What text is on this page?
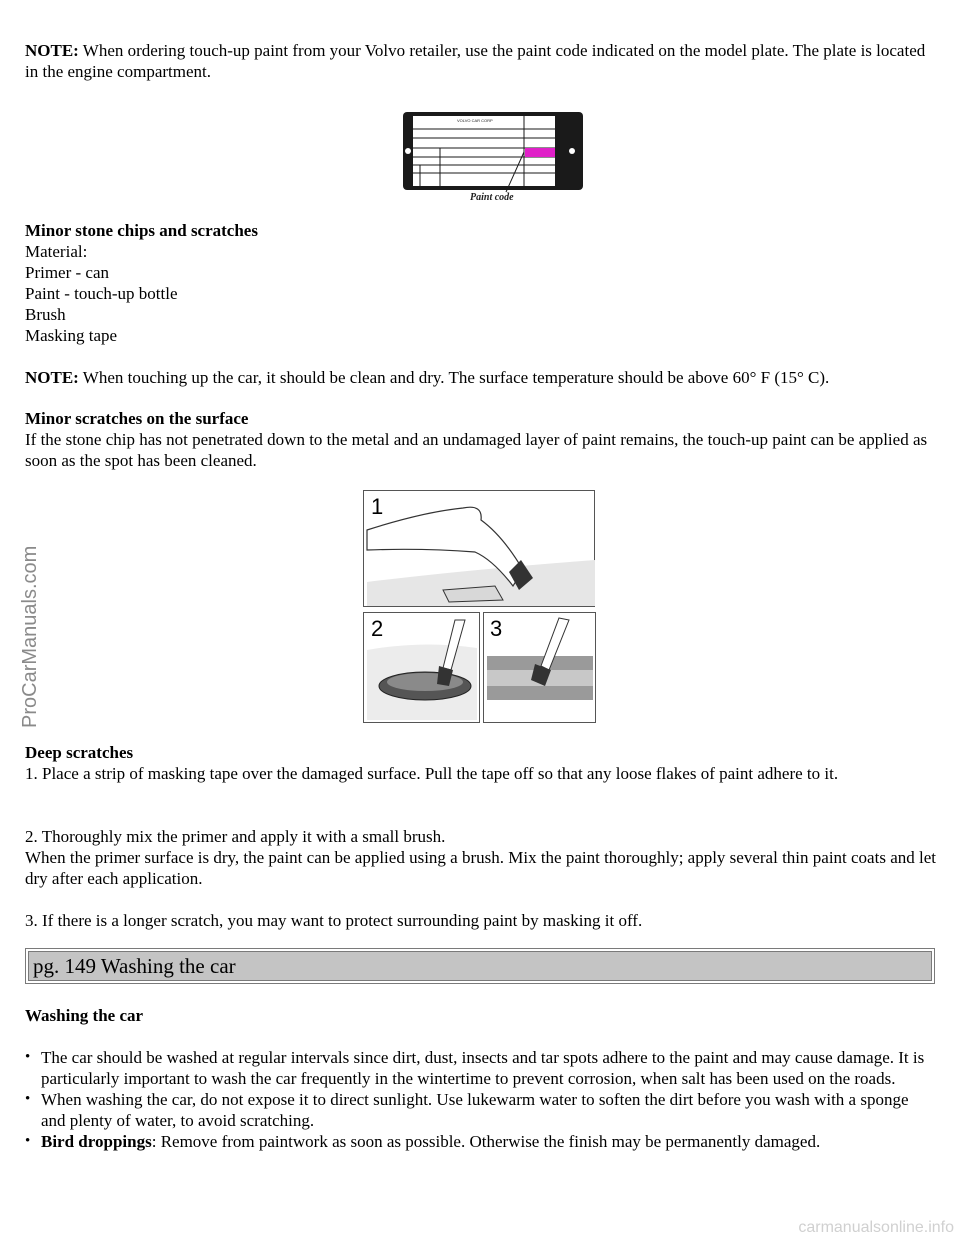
ProCarManuals.com

NOTE: When ordering touch-up paint from your Volvo retailer, use the paint code indicated on the model plate. The plate is located in the engine compartment.

VOLVO CAR CORP
Paint code

Minor stone chips and scratches

Material:

Primer - can

Paint - touch-up bottle

Brush

Masking tape

NOTE: When touching up the car, it should be clean and dry. The surface temperature should be above 60° F (15° C).

Minor scratches on the surface

If the stone chip has not penetrated down to the metal and an undamaged layer of paint remains, the touch-up paint can be applied as soon as the spot has been cleaned.

1
2	3

Deep scratches

1. Place a strip of masking tape over the damaged surface. Pull the tape off so that any loose flakes of paint adhere to it.

2. Thoroughly mix the primer and apply it with a small brush.

When the primer surface is dry, the paint can be applied using a brush. Mix the paint thoroughly; apply several thin paint coats and let dry after each application.

3. If there is a longer scratch, you may want to protect surrounding paint by masking it off.

pg. 149 Washing the car

Washing the car

• The car should be washed at regular intervals since dirt, dust, insects and tar spots adhere to the paint and may cause damage. It is particularly important to wash the car frequently in the wintertime to prevent corrosion, when salt has been used on the roads.
• When washing the car, do not expose it to direct sunlight. Use lukewarm water to soften the dirt before you wash with a sponge and plenty of water, to avoid scratching.
• Bird droppings: Remove from paintwork as soon as possible. Otherwise the finish may be permanently damaged.
carmanualsonline.info
